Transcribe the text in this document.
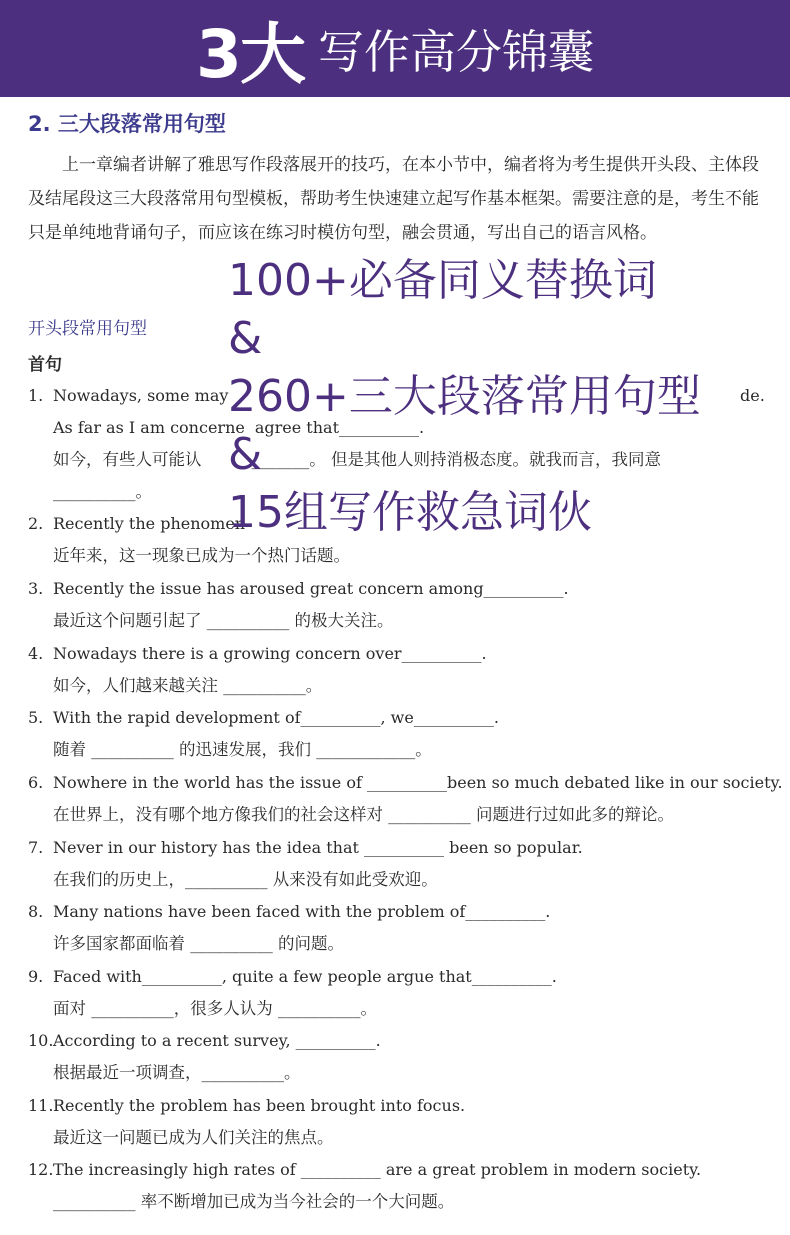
3大 写作高分锦囊
2. 三大段落常用句型

上一章编者讲解了雅思写作段落展开的技巧，在本小节中，编者将为考生提供开头段、主体段及结尾段这三大段落常用句型模板，帮助考生快速建立起写作基本框架。需要注意的是，考生不能只是单纯地背诵句子，而应该在练习时模仿句型，融会贯通，写出自己的语言风格。

开头段常用句型
首句
1. Nowadays, some may	de.
As far as I am concerne agree that__________.
如今，有些人可能认	_______。 但是其他人则持消极态度。就我而言，我同意
__________。
2. Recently the phenomen
近年来，这一现象已成为一个热门话题。
3. Recently the issue has aroused great concern among__________.
最近这个问题引起了 __________ 的极大关注。
4. Nowadays there is a growing concern over__________.
如今，人们越来越关注 __________。
5. With the rapid development of__________, we__________.
随着 __________ 的迅速发展，我们 ____________。
6. Nowhere in the world has the issue of __________been so much debated like in our society.
在世界上，没有哪个地方像我们的社会这样对 __________ 问题进行过如此多的辩论。
7. Never in our history has the idea that __________ been so popular.
在我们的历史上，__________ 从来没有如此受欢迎。
8. Many nations have been faced with the problem of__________.
许多国家都面临着 __________ 的问题。
9. Faced with__________, quite a few people argue that__________.
面对 __________，很多人认为 __________。
10. According to a recent survey, __________.
根据最近一项调查，__________。
11. Recently the problem has been brought into focus.
最近这一问题已成为人们关注的焦点。
12. The increasingly high rates of __________ are a great problem in modern society.
__________ 率不断增加已成为当今社会的一个大问题。
100+必备同义替换词
&
260+三大段落常用句型
&
15组写作救急词伙
